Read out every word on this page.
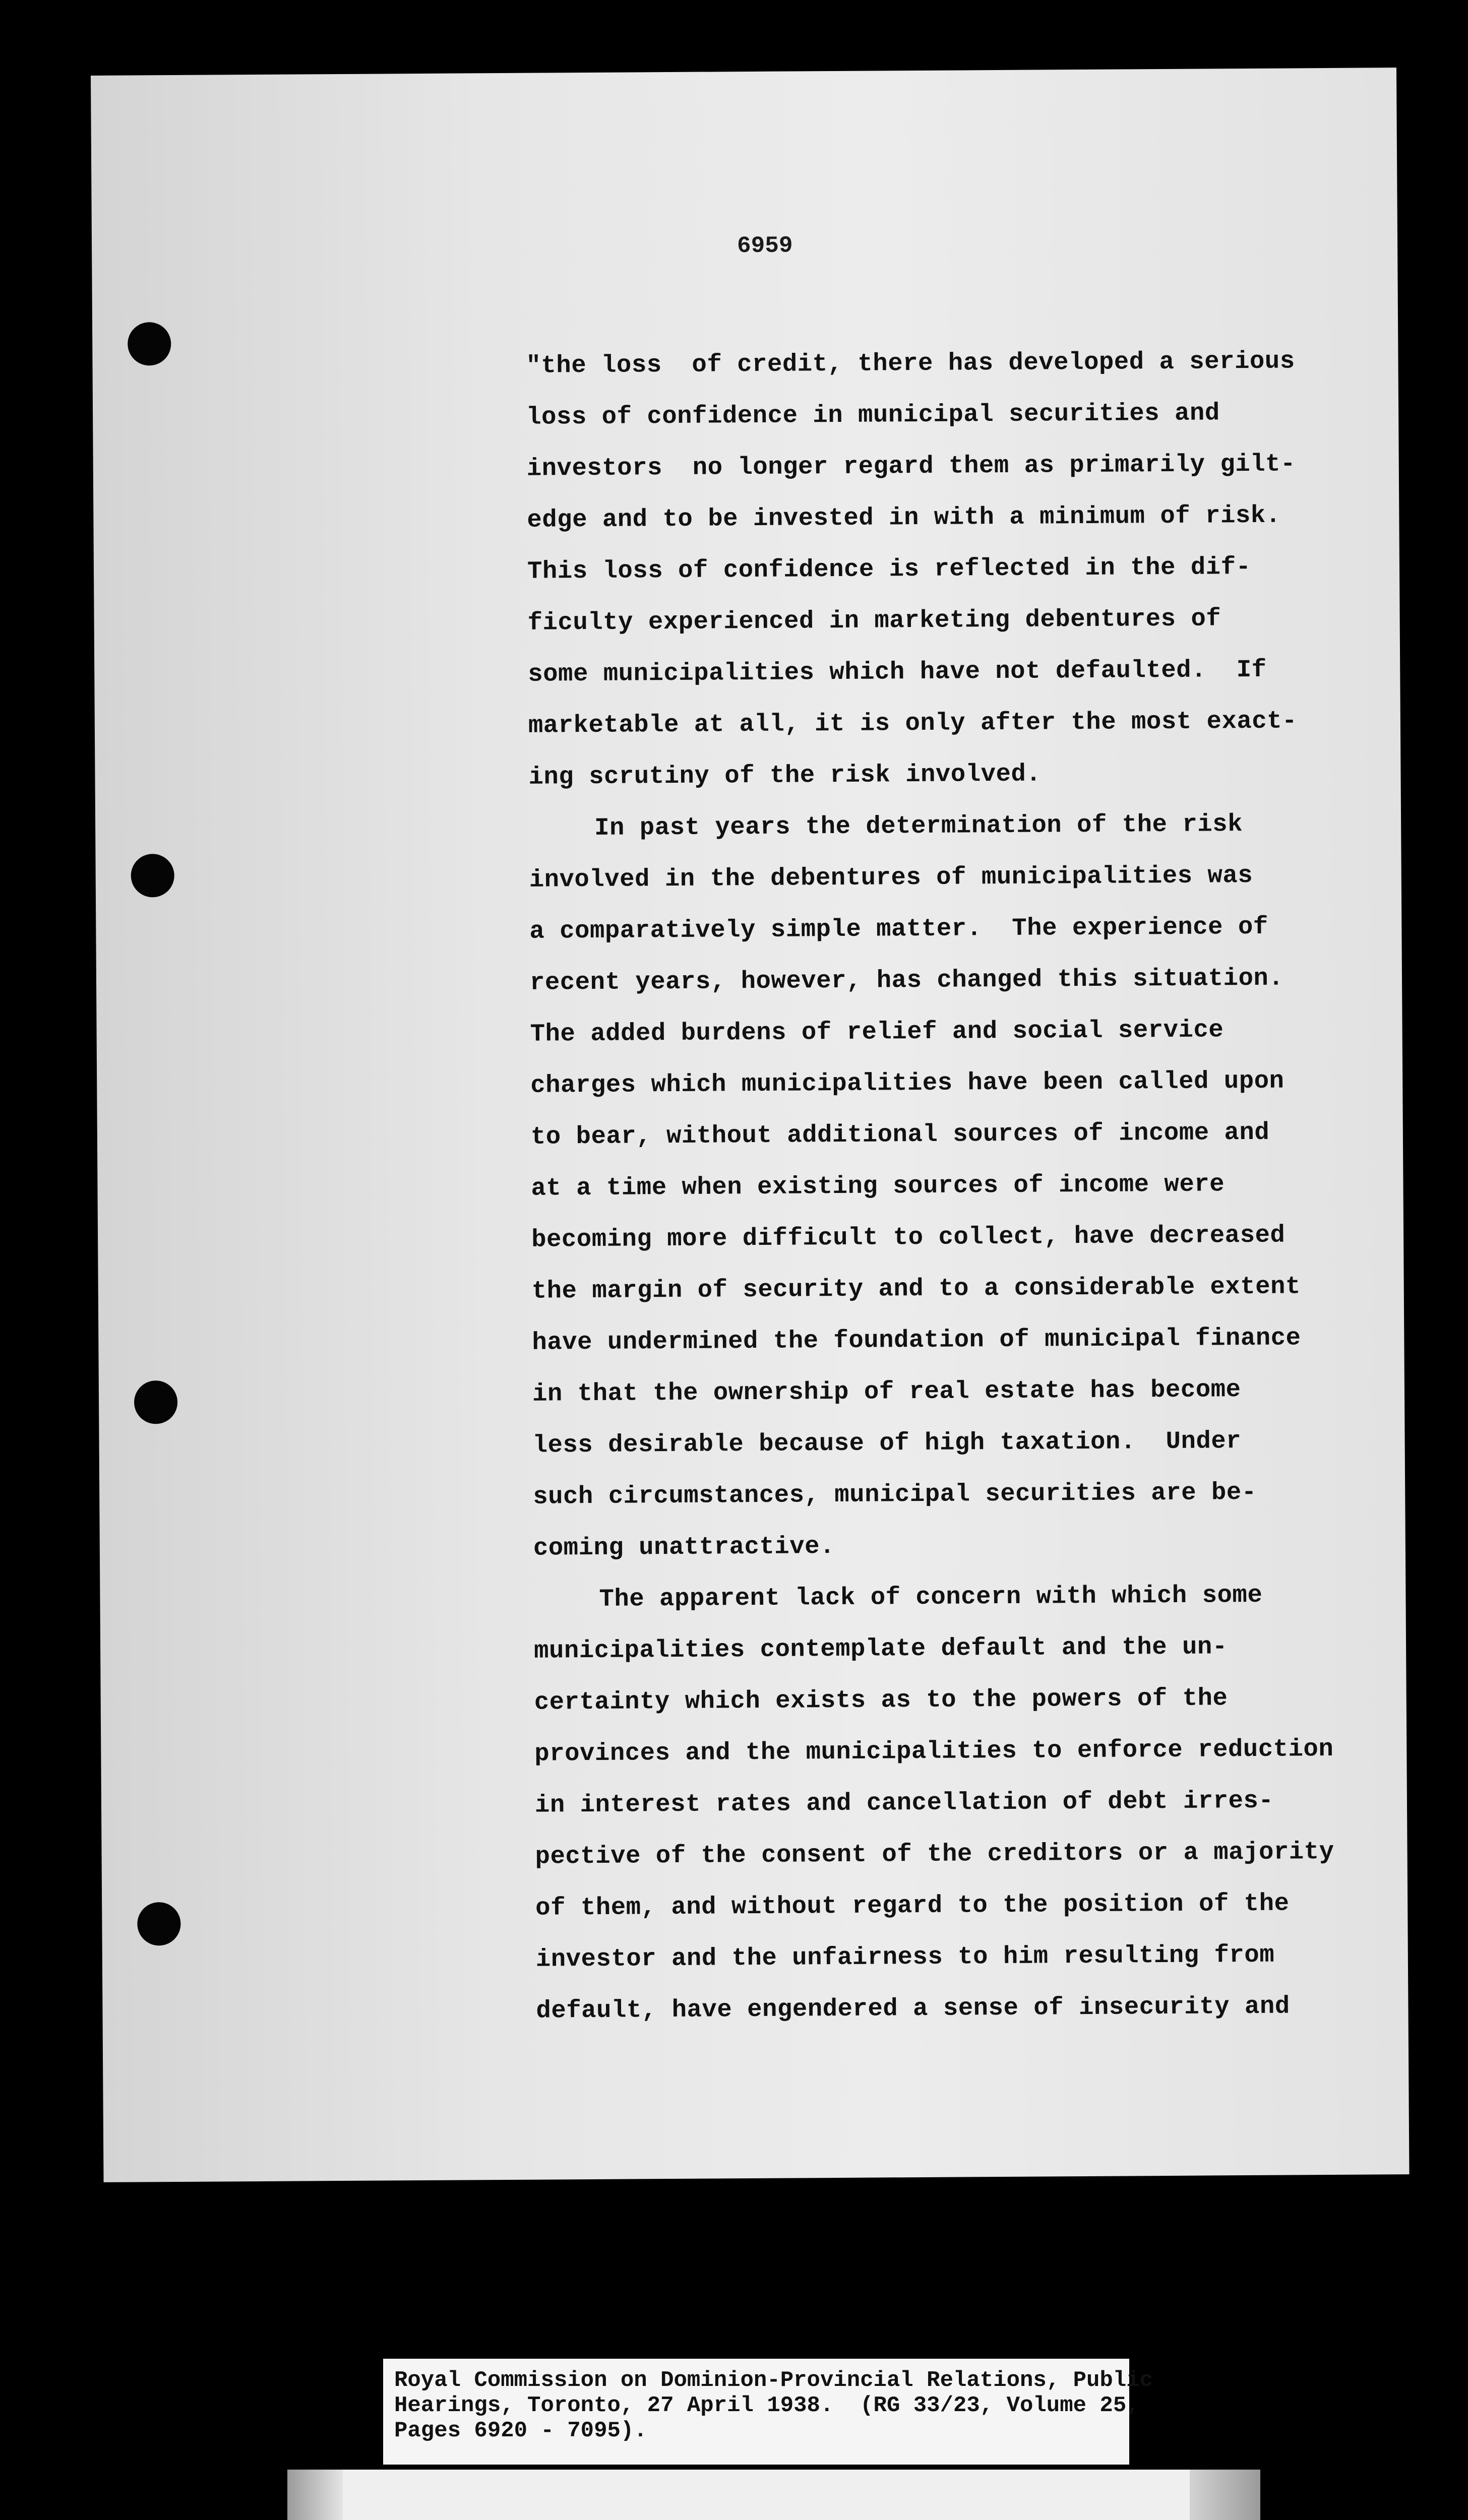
6959
"the loss  of credit, there has developed a serious
loss of confidence in municipal securities and
investors  no longer regard them as primarily gilt-
edge and to be invested in with a minimum of risk.
This loss of confidence is reflected in the dif-
ficulty experienced in marketing debentures of
some municipalities which have not defaulted.  If
marketable at all, it is only after the most exact-
ing scrutiny of the risk involved.
In past years the determination of the risk
involved in the debentures of municipalities was
a comparatively simple matter.  The experience of
recent years, however, has changed this situation.
The added burdens of relief and social service
charges which municipalities have been called upon
to bear, without additional sources of income and
at a time when existing sources of income were
becoming more difficult to collect, have decreased
the margin of security and to a considerable extent
have undermined the foundation of municipal finance
in that the ownership of real estate has become
less desirable because of high taxation.  Under
such circumstances, municipal securities are be-
coming unattractive.
The apparent lack of concern with which some
municipalities contemplate default and the un-
certainty which exists as to the powers of the
provinces and the municipalities to enforce reduction
in interest rates and cancellation of debt irres-
pective of the consent of the creditors or a majority
of them, and without regard to the position of the
investor and the unfairness to him resulting from
default, have engendered a sense of insecurity and
Royal Commission on Dominion-Provincial Relations, Public
Hearings, Toronto, 27 April 1938.  (RG 33/23, Volume 25,
Pages 6920 - 7095).
